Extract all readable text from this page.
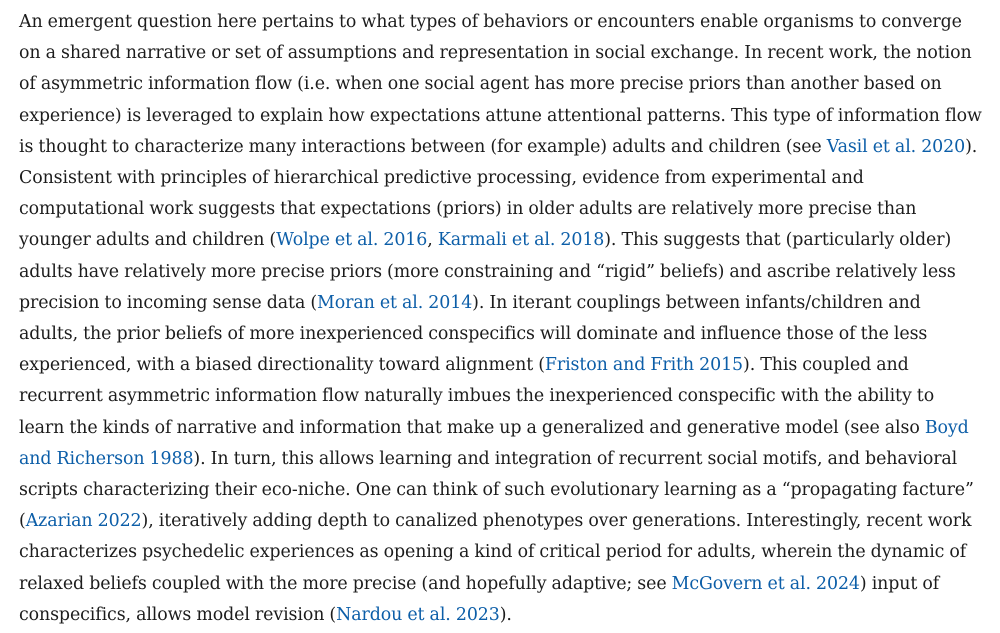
An emergent question here pertains to what types of behaviors or encounters enable organisms to converge on a shared narrative or set of assumptions and representation in social exchange. In recent work, the notion of asymmetric information flow (i.e. when one social agent has more precise priors than another based on experience) is leveraged to explain how expectations attune attentional patterns. This type of information flow is thought to characterize many interactions between (for example) adults and children (see Vasil et al. 2020). Consistent with principles of hierarchical predictive processing, evidence from experimental and computational work suggests that expectations (priors) in older adults are relatively more precise than younger adults and children (Wolpe et al. 2016, Karmali et al. 2018). This suggests that (particularly older) adults have relatively more precise priors (more constraining and “rigid” beliefs) and ascribe relatively less precision to incoming sense data (Moran et al. 2014). In iterant couplings between infants/children and adults, the prior beliefs of more inexperienced conspecifics will dominate and influence those of the less experienced, with a biased directionality toward alignment (Friston and Frith 2015). This coupled and recurrent asymmetric information flow naturally imbues the inexperienced conspecific with the ability to learn the kinds of narrative and information that make up a generalized and generative model (see also Boyd and Richerson 1988). In turn, this allows learning and integration of recurrent social motifs, and behavioral scripts characterizing their eco-niche. One can think of such evolutionary learning as a “propagating facture” (Azarian 2022), iteratively adding depth to canalized phenotypes over generations. Interestingly, recent work characterizes psychedelic experiences as opening a kind of critical period for adults, wherein the dynamic of relaxed beliefs coupled with the more precise (and hopefully adaptive; see McGovern et al. 2024) input of conspecifics, allows model revision (Nardou et al. 2023).
